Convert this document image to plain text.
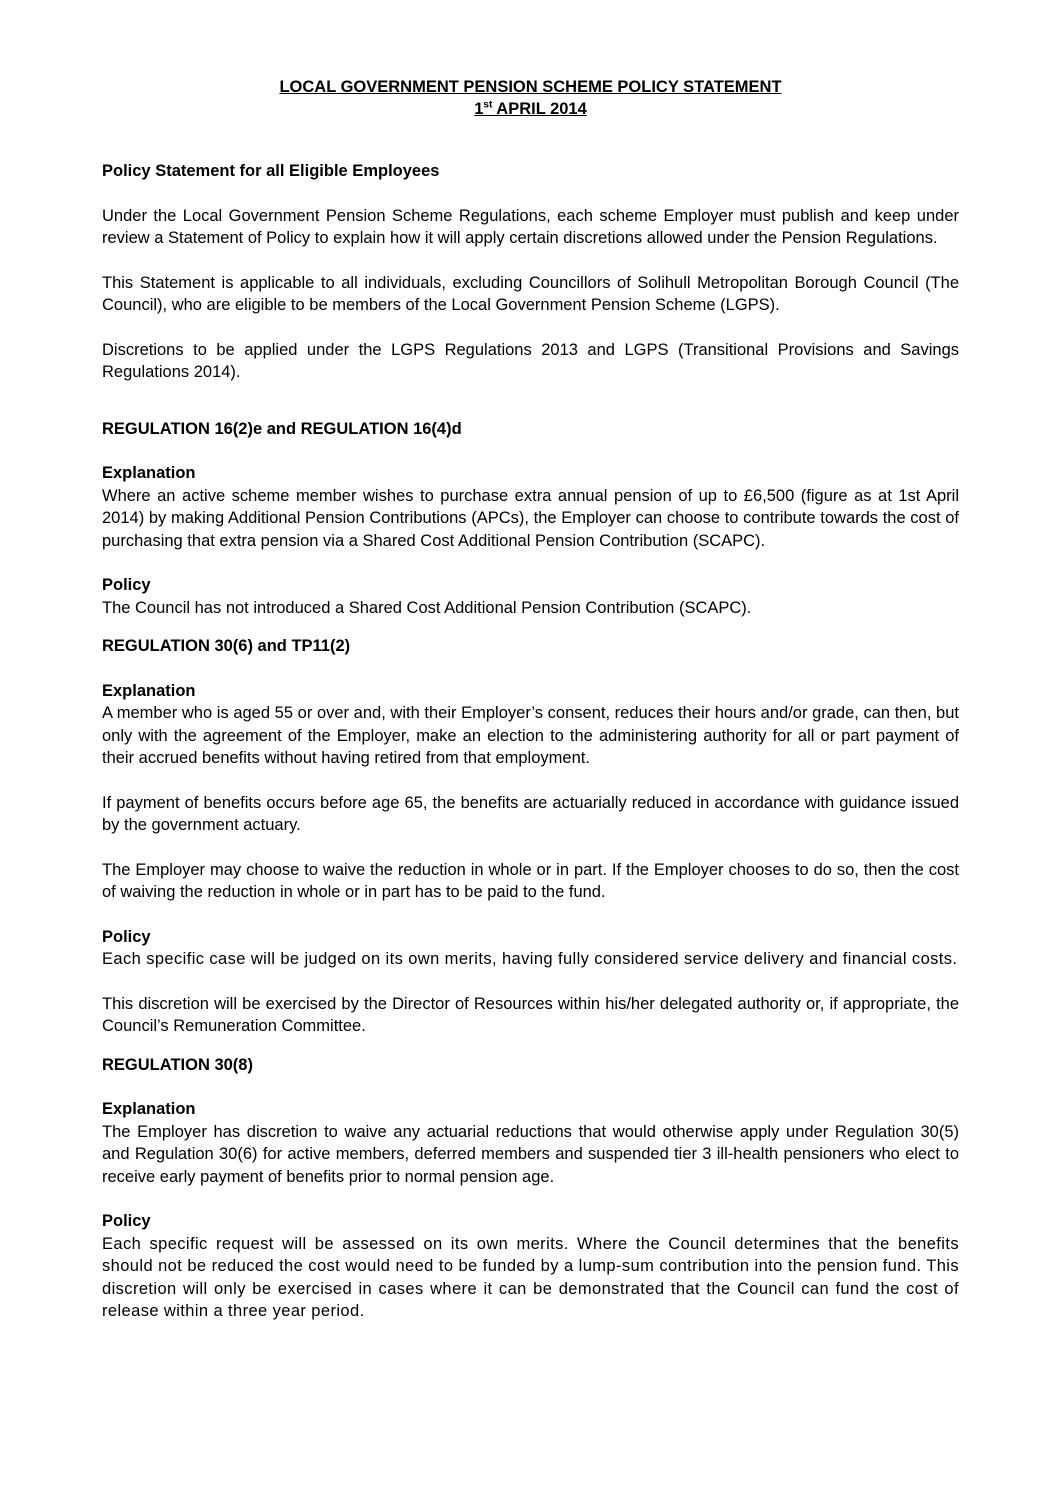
LOCAL GOVERNMENT PENSION SCHEME POLICY STATEMENT
1st APRIL 2014
Policy Statement for all Eligible Employees

Under the Local Government Pension Scheme Regulations, each scheme Employer must publish and keep under review a Statement of Policy to explain how it will apply certain discretions allowed under the Pension Regulations.

This Statement is applicable to all individuals, excluding Councillors of Solihull Metropolitan Borough Council (The Council), who are eligible to be members of the Local Government Pension Scheme (LGPS).

Discretions to be applied under the LGPS Regulations 2013 and LGPS (Transitional Provisions and Savings Regulations 2014).

REGULATION 16(2)e and REGULATION 16(4)d
Explanation

Where an active scheme member wishes to purchase extra annual pension of up to £6,500 (figure as at 1st April 2014) by making Additional Pension Contributions (APCs), the Employer can choose to contribute towards the cost of purchasing that extra pension via a Shared Cost Additional Pension Contribution (SCAPC).

Policy

The Council has not introduced a Shared Cost Additional Pension Contribution (SCAPC).

REGULATION 30(6) and TP11(2)
Explanation

A member who is aged 55 or over and, with their Employer’s consent, reduces their hours and/or grade, can then, but only with the agreement of the Employer, make an election to the administering authority for all or part payment of their accrued benefits without having retired from that employment.

If payment of benefits occurs before age 65, the benefits are actuarially reduced in accordance with guidance issued by the government actuary.

The Employer may choose to waive the reduction in whole or in part. If the Employer chooses to do so, then the cost of waiving the reduction in whole or in part has to be paid to the fund.

Policy

Each specific case will be judged on its own merits, having fully considered service delivery and financial costs.

This discretion will be exercised by the Director of Resources within his/her delegated authority or, if appropriate, the Council’s Remuneration Committee.

REGULATION 30(8)
Explanation

The Employer has discretion to waive any actuarial reductions that would otherwise apply under Regulation 30(5) and Regulation 30(6) for active members, deferred members and suspended tier 3 ill-health pensioners who elect to receive early payment of benefits prior to normal pension age.

Policy

Each specific request will be assessed on its own merits. Where the Council determines that the benefits should not be reduced the cost would need to be funded by a lump-sum contribution into the pension fund. This discretion will only be exercised in cases where it can be demonstrated that the Council can fund the cost of release within a three year period.
